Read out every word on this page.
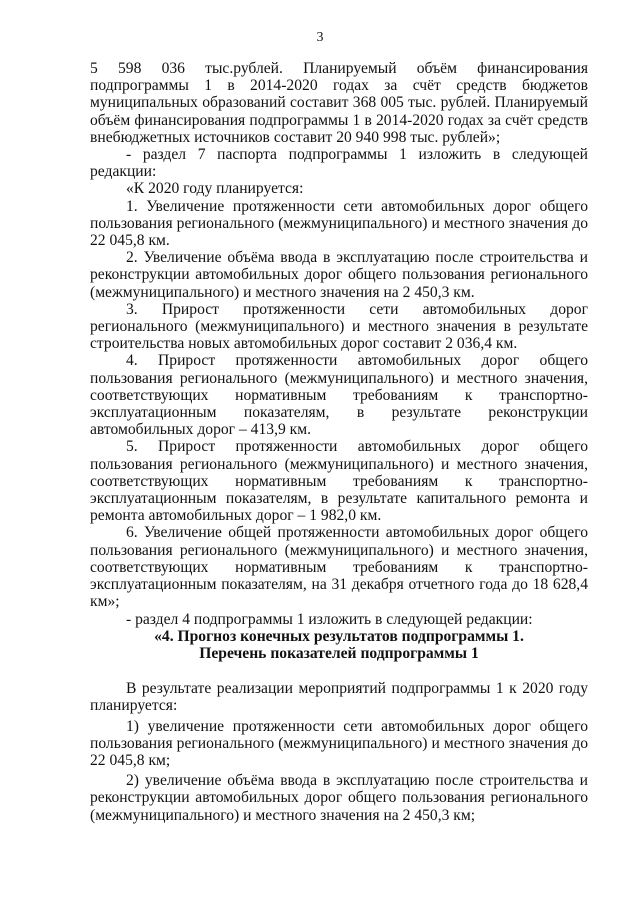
3

5 598 036 тыс.рублей. Планируемый объём финансирования подпрограммы 1 в 2014-2020 годах за счёт средств бюджетов муниципальных образований составит 368 005 тыс. рублей. Планируемый объём финансирования подпрограммы 1 в 2014-2020 годах за счёт средств внебюджетных источников составит 20 940 998 тыс. рублей»;

- раздел 7 паспорта подпрограммы 1 изложить в следующей редакции:

«К 2020 году планируется:

1. Увеличение протяженности сети автомобильных дорог общего пользования регионального (межмуниципального) и местного значения до 22 045,8 км.

2. Увеличение объёма ввода в эксплуатацию после строительства и реконструкции автомобильных дорог общего пользования регионального (межмуниципального) и местного значения на 2 450,3 км.

3. Прирост протяженности сети автомобильных дорог регионального (межмуниципального) и местного значения в результате строительства новых автомобильных дорог составит 2 036,4 км.

4. Прирост протяженности автомобильных дорог общего пользования регионального (межмуниципального) и местного значения, соответствующих нормативным требованиям к транспортно-эксплуатационным показателям, в результате реконструкции автомобильных дорог – 413,9 км.

5. Прирост протяженности автомобильных дорог общего пользования регионального (межмуниципального) и местного значения, соответствующих нормативным требованиям к транспортно-эксплуатационным показателям, в результате капитального ремонта и ремонта автомобильных дорог – 1 982,0 км.

6. Увеличение общей протяженности автомобильных дорог общего пользования регионального (межмуниципального) и местного значения, соответствующих нормативным требованиям к транспортно-эксплуатационным показателям, на 31 декабря отчетного года до 18 628,4 км»;

- раздел 4 подпрограммы 1 изложить в следующей редакции:

«4. Прогноз конечных результатов подпрограммы 1.

Перечень показателей подпрограммы 1

В результате реализации мероприятий подпрограммы 1 к 2020 году планируется:

1) увеличение протяженности сети автомобильных дорог общего пользования регионального (межмуниципального) и местного значения до 22 045,8 км;

2) увеличение объёма ввода в эксплуатацию после строительства и реконструкции автомобильных дорог общего пользования регионального (межмуниципального) и местного значения на 2 450,3 км;
